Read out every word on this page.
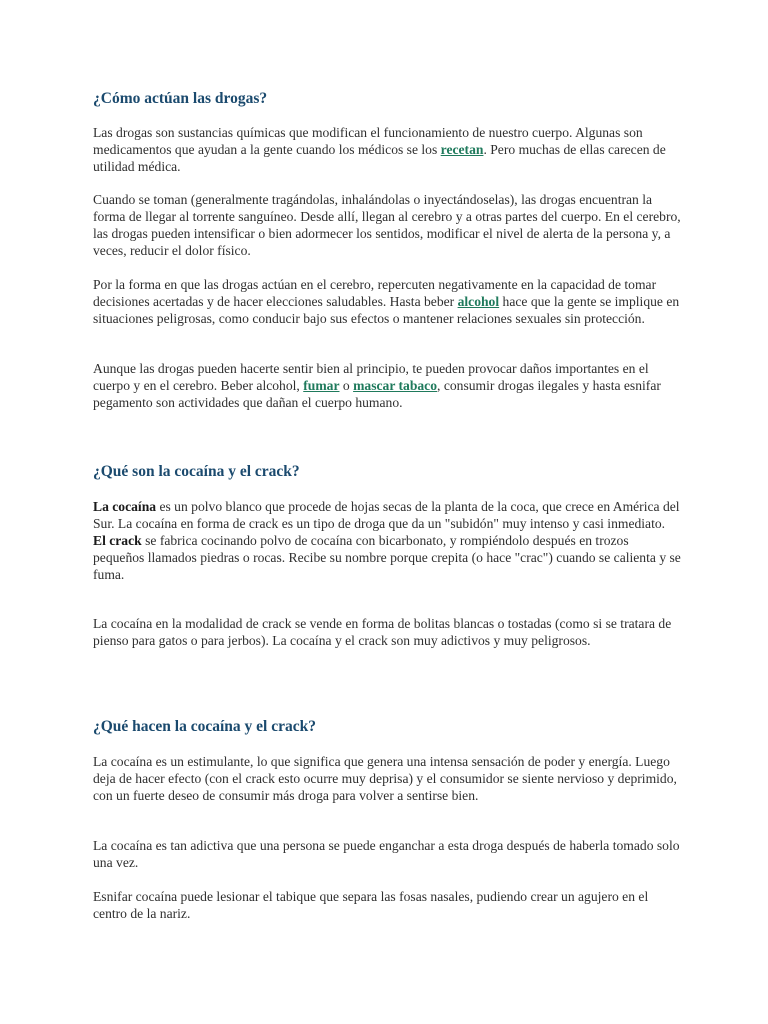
¿Cómo actúan las drogas?

Las drogas son sustancias químicas que modifican el funcionamiento de nuestro cuerpo. Algunas son medicamentos que ayudan a la gente cuando los médicos se los recetan. Pero muchas de ellas carecen de utilidad médica.

Cuando se toman (generalmente tragándolas, inhalándolas o inyectándoselas), las drogas encuentran la forma de llegar al torrente sanguíneo. Desde allí, llegan al cerebro y a otras partes del cuerpo. En el cerebro, las drogas pueden intensificar o bien adormecer los sentidos, modificar el nivel de alerta de la persona y, a veces, reducir el dolor físico.

Por la forma en que las drogas actúan en el cerebro, repercuten negativamente en la capacidad de tomar decisiones acertadas y de hacer elecciones saludables. Hasta beber alcohol hace que la gente se implique en situaciones peligrosas, como conducir bajo sus efectos o mantener relaciones sexuales sin protección.

Aunque las drogas pueden hacerte sentir bien al principio, te pueden provocar daños importantes en el cuerpo y en el cerebro. Beber alcohol, fumar o mascar tabaco, consumir drogas ilegales y hasta esnifar pegamento son actividades que dañan el cuerpo humano.

¿Qué son la cocaína y el crack?

La cocaína es un polvo blanco que procede de hojas secas de la planta de la coca, que crece en América del Sur. La cocaína en forma de crack es un tipo de droga que da un "subidón" muy intenso y casi inmediato.
El crack se fabrica cocinando polvo de cocaína con bicarbonato, y rompiéndolo después en trozos pequeños llamados piedras o rocas. Recibe su nombre porque crepita (o hace "crac") cuando se calienta y se fuma.

La cocaína en la modalidad de crack se vende en forma de bolitas blancas o tostadas (como si se tratara de pienso para gatos o para jerbos). La cocaína y el crack son muy adictivos y muy peligrosos.

¿Qué hacen la cocaína y el crack?

La cocaína es un estimulante, lo que significa que genera una intensa sensación de poder y energía. Luego deja de hacer efecto (con el crack esto ocurre muy deprisa) y el consumidor se siente nervioso y deprimido, con un fuerte deseo de consumir más droga para volver a sentirse bien.

La cocaína es tan adictiva que una persona se puede enganchar a esta droga después de haberla tomado solo una vez.

Esnifar cocaína puede lesionar el tabique que separa las fosas nasales, pudiendo crear un agujero en el centro de la nariz.
